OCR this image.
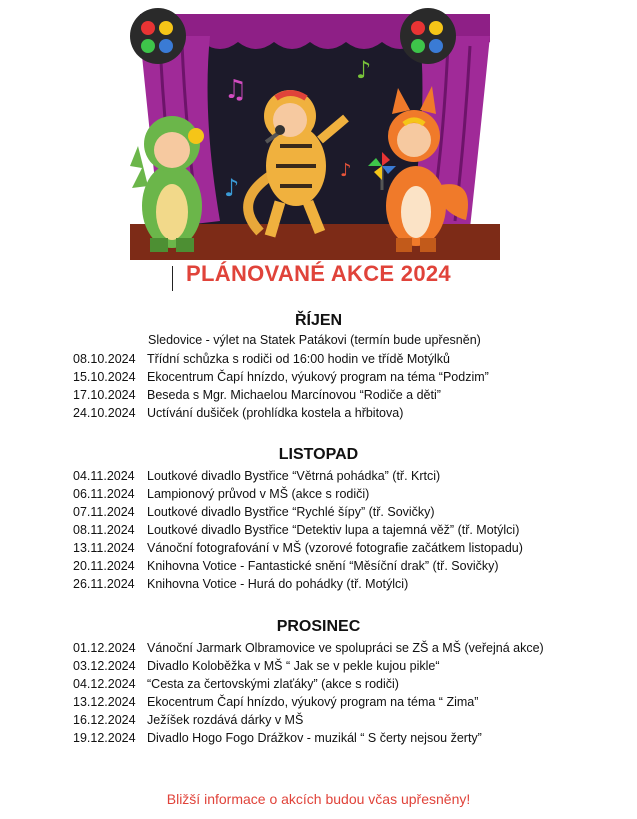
♫
♪
♪
♪
PLÁNOVANÉ AKCE 2024
ŘÍJEN
Sledovice - výlet na Statek Patákovi (termín bude upřesněn)
08.10.2024 Třídní schůzka s rodiči od 16:00 hodin ve třídě Motýlků
15.10.2024 Ekocentrum Čapí hnízdo, výukový program na téma “Podzim”
17.10.2024 Beseda s Mgr. Michaelou Marcínovou “Rodiče a děti”
24.10.2024 Uctívání dušiček (prohlídka kostela a hřbitova)
LISTOPAD
04.11.2024 Loutkové divadlo Bystřice “Větrná pohádka” (tř. Krtci)
06.11.2024 Lampionový průvod v MŠ (akce s rodiči)
07.11.2024 Loutkové divadlo Bystřice “Rychlé šípy” (tř. Sovičky)
08.11.2024 Loutkové divadlo Bystřice “Detektiv lupa a tajemná věž” (tř. Motýlci)
13.11.2024 Vánoční fotografování v MŠ (vzorové fotografie začátkem listopadu)
20.11.2024 Knihovna Votice - Fantastické snění “Měsíční drak” (tř. Sovičky)
26.11.2024 Knihovna Votice - Hurá do pohádky (tř. Motýlci)
PROSINEC
01.12.2024 Vánoční Jarmark Olbramovice ve spolupráci se ZŠ a MŠ (veřejná akce)
03.12.2024 Divadlo Koloběžka v MŠ “ Jak se v pekle kujou pikle“
04.12.2024 “Cesta za čertovskými zlaťáky” (akce s rodiči)
13.12.2024 Ekocentrum Čapí hnízdo, výukový program na téma “ Zima”
16.12.2024 Ježíšek rozdává dárky v MŠ
19.12.2024 Divadlo Hogo Fogo Drážkov - muzikál “ S čerty nejsou žerty”
Bližší informace o akcích budou včas upřesněny!
